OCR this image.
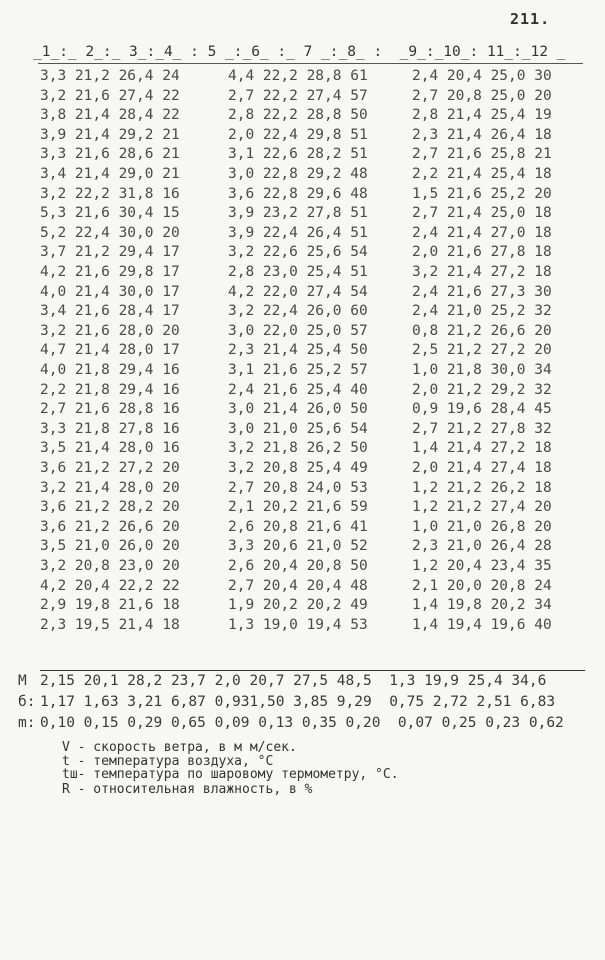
211.
_1_:_ 2_:_ 3_:_4_ : 5 _:_6_ :_ 7 _:_8_ :  _9_:_10_: 11_:_12 _
3,3 21,2 26,4 24	4,4 22,2 28,8 61	2,4 20,4 25,0 30
3,2 21,6 27,4 22	2,7 22,2 27,4 57	2,7 20,8 25,0 20
3,8 21,4 28,4 22	2,8 22,2 28,8 50	2,8 21,4 25,4 19
3,9 21,4 29,2 21	2,0 22,4 29,8 51	2,3 21,4 26,4 18
3,3 21,6 28,6 21	3,1 22,6 28,2 51	2,7 21,6 25,8 21
3,4 21,4 29,0 21	3,0 22,8 29,2 48	2,2 21,4 25,4 18
3,2 22,2 31,8 16	3,6 22,8 29,6 48	1,5 21,6 25,2 20
5,3 21,6 30,4 15	3,9 23,2 27,8 51	2,7 21,4 25,0 18
5,2 22,4 30,0 20	3,9 22,4 26,4 51	2,4 21,4 27,0 18
3,7 21,2 29,4 17	3,2 22,6 25,6 54	2,0 21,6 27,8 18
4,2 21,6 29,8 17	2,8 23,0 25,4 51	3,2 21,4 27,2 18
4,0 21,4 30,0 17	4,2 22,0 27,4 54	2,4 21,6 27,3 30
3,4 21,6 28,4 17	3,2 22,4 26,0 60	2,4 21,0 25,2 32
3,2 21,6 28,0 20	3,0 22,0 25,0 57	0,8 21,2 26,6 20
4,7 21,4 28,0 17	2,3 21,4 25,4 50	2,5 21,2 27,2 20
4,0 21,8 29,4 16	3,1 21,6 25,2 57	1,0 21,8 30,0 34
2,2 21,8 29,4 16	2,4 21,6 25,4 40	2,0 21,2 29,2 32
2,7 21,6 28,8 16	3,0 21,4 26,0 50	0,9 19,6 28,4 45
3,3 21,8 27,8 16	3,0 21,0 25,6 54	2,7 21,2 27,8 32
3,5 21,4 28,0 16	3,2 21,8 26,2 50	1,4 21,4 27,2 18
3,6 21,2 27,2 20	3,2 20,8 25,4 49	2,0 21,4 27,4 18
3,2 21,4 28,0 20	2,7 20,8 24,0 53	1,2 21,2 26,2 18
3,6 21,2 28,2 20	2,1 20,2 21,6 59	1,2 21,2 27,4 20
3,6 21,2 26,6 20	2,6 20,8 21,6 41	1,0 21,0 26,8 20
3,5 21,0 26,0 20	3,3 20,6 21,0 52	2,3 21,0 26,4 28
3,2 20,8 23,0 20	2,6 20,4 20,8 50	1,2 20,4 23,4 35
4,2 20,4 22,2 22	2,7 20,4 20,4 48	2,1 20,0 20,8 24
2,9 19,8 21,6 18	1,9 20,2 20,2 49	1,4 19,8 20,2 34
2,3 19,5 21,4 18	1,3 19,0 19,4 53	1,4 19,4 19,6 40
M 2,15 20,1 28,2 23,7 2,0 20,7 27,5 48,5  1,3 19,9 25,4 34,6
б: 1,17 1,63 3,21 6,87 0,931,50 3,85 9,29  0,75 2,72 2,51 6,83
m: 0,10 0,15 0,29 0,65 0,09 0,13 0,35 0,20  0,07 0,25 0,23 0,62
V - скорость ветра, в м м/сек.
t - температура воздуха, °C
tш- температура по шаровому термометру, °C.
R - относительная влажность, в %
